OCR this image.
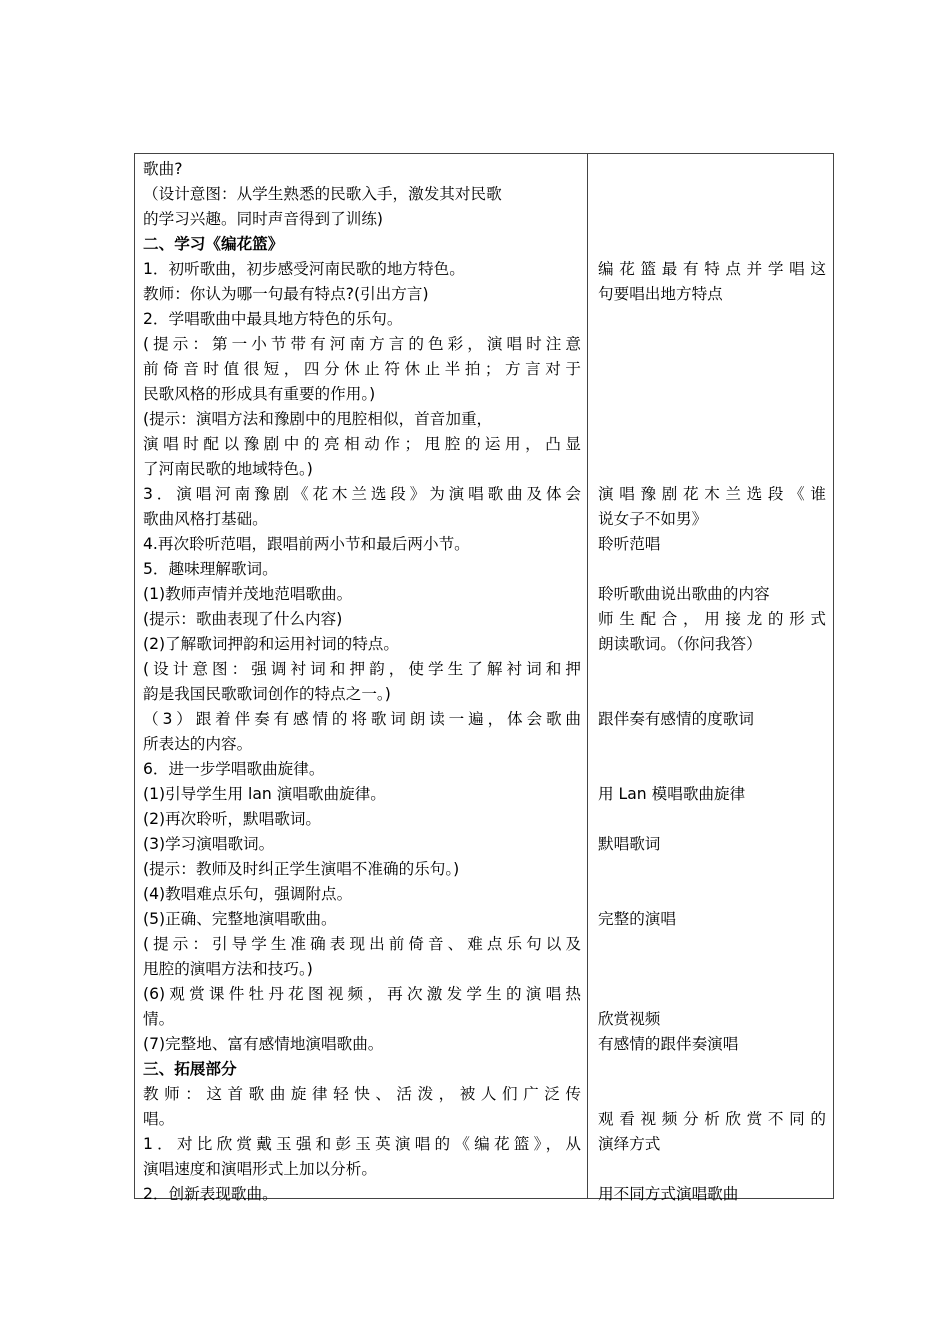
歌曲?
（设计意图：从学生熟悉的民歌入手，激发其对民歌
的学习兴趣。同时声音得到了训练)
二、学习《编花篮》
1．初听歌曲，初步感受河南民歌的地方特色。
教师：你认为哪一句最有特点?(引出方言)
2．学唱歌曲中最具地方特色的乐句。
(提示：第一小节带有河南方言的色彩，演唱时注意
前倚音时值很短，四分休止符休止半拍；方言对于
民歌风格的形成具有重要的作用。)
(提示：演唱方法和豫剧中的甩腔相似，首音加重，
演唱时配以豫剧中的亮相动作；甩腔的运用，凸显
了河南民歌的地域特色。)
3．演唱河南豫剧《花木兰选段》为演唱歌曲及体会
歌曲风格打基础。
4.再次聆听范唱，跟唱前两小节和最后两小节。
5．趣味理解歌词。
(1)教师声情并茂地范唱歌曲。
(提示：歌曲表现了什么内容)
(2)了解歌词押韵和运用衬词的特点。
(设计意图：强调衬词和押韵，使学生了解衬词和押
韵是我国民歌歌词创作的特点之一。)
（3）跟着伴奏有感情的将歌词朗读一遍，体会歌曲
所表达的内容。
6．进一步学唱歌曲旋律。
(1)引导学生用 lan 演唱歌曲旋律。
(2)再次聆听，默唱歌词。
(3)学习演唱歌词。
(提示：教师及时纠正学生演唱不准确的乐句。)
(4)教唱难点乐句，强调附点。
(5)正确、完整地演唱歌曲。
(提示：引导学生准确表现出前倚音、难点乐句以及
甩腔的演唱方法和技巧。)
(6)观赏课件牡丹花图视频，再次激发学生的演唱热
情。
(7)完整地、富有感情地演唱歌曲。
三、拓展部分
教师：这首歌曲旋律轻快、活泼，被人们广泛传
唱。
1．对比欣赏戴玉强和彭玉英演唱的《编花篮》，从
演唱速度和演唱形式上加以分析。
2．创新表现歌曲。
编花篮最有特点并学唱这
句要唱出地方特点
演唱豫剧花木兰选段《谁
说女子不如男》
聆听范唱
聆听歌曲说出歌曲的内容
师生配合，用接龙的形式
朗读歌词。（你问我答）
跟伴奏有感情的度歌词
用 Lan 模唱歌曲旋律
默唱歌词
完整的演唱
欣赏视频
有感情的跟伴奏演唱
观看视频分析欣赏不同的
演绎方式
用不同方式演唱歌曲
